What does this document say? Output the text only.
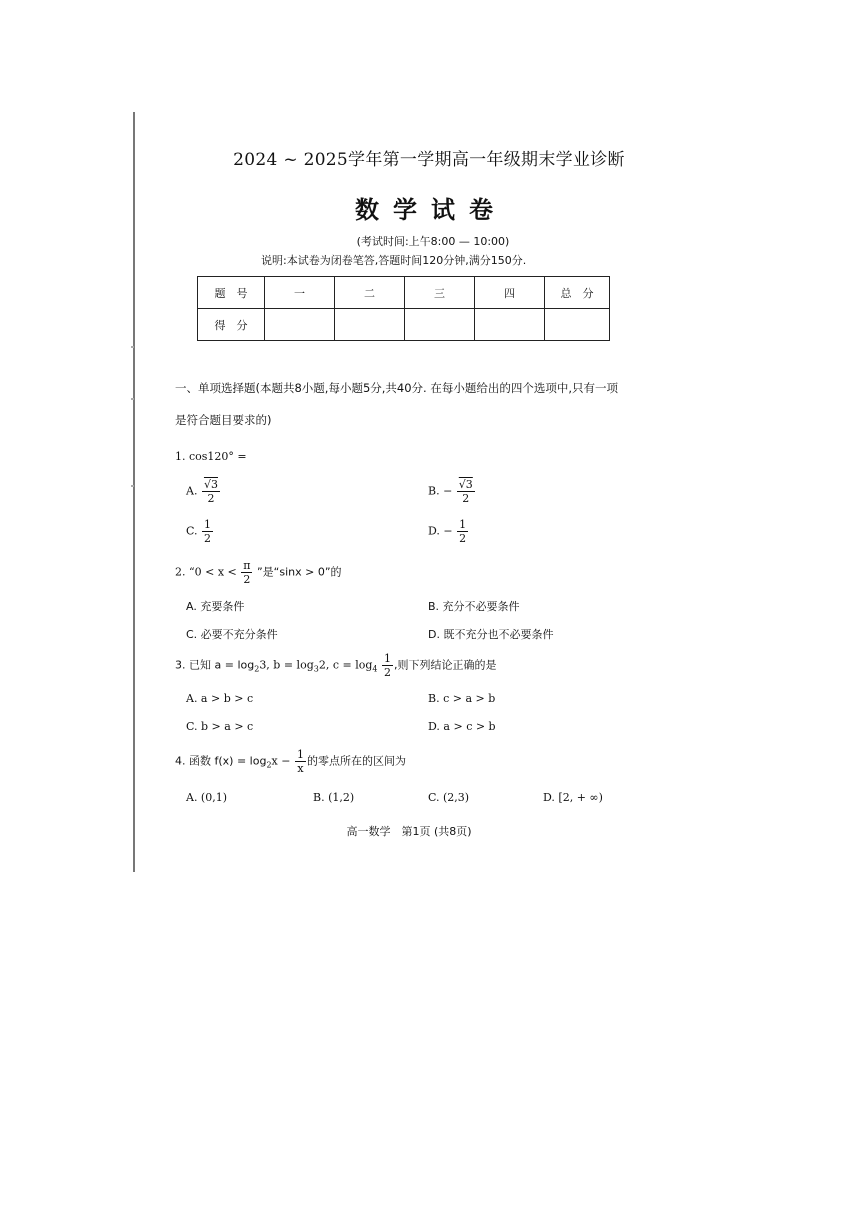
2024 ~ 2025学年第一学期高一年级期末学业诊断
数学试卷
(考试时间:上午8:00 — 10:00)
说明:本试卷为闭卷笔答,答题时间120分钟,满分150分.
题　号	一	二	三	四	总　分
得　分					
一、单项选择题(本题共8小题,每小题5分,共40分. 在每小题给出的四个选项中,只有一项
是符合题目要求的)
1. cos120° =
A. $\frac{√3}{2}$	B. − $\frac{√3}{2}$
C. $\frac{1}{2}$	D. − $\frac{1}{2}$
2. “$0 < x < \frac{\pi}{2}$ ”是“sinx > 0”的
A. 充要条件	B. 充分不必要条件
C. 必要不充分条件	D. 既不充分也不必要条件
3. 已知 $a = \log_23$, $b = \log_32$, $c = \log_4 \frac{1}{2}$ ,则下列结论正确的是
A. a > b > c	B. c > a > b
C. b > a > c	D. a > c > b
4. 函数 $f(x) = \log_2x - \frac{1}{x}$ 的零点所在的区间为
A. (0,1)	B. (1,2)	C. (2,3)	D. [2, + ∞)
高一数学　第1页 (共8页)
